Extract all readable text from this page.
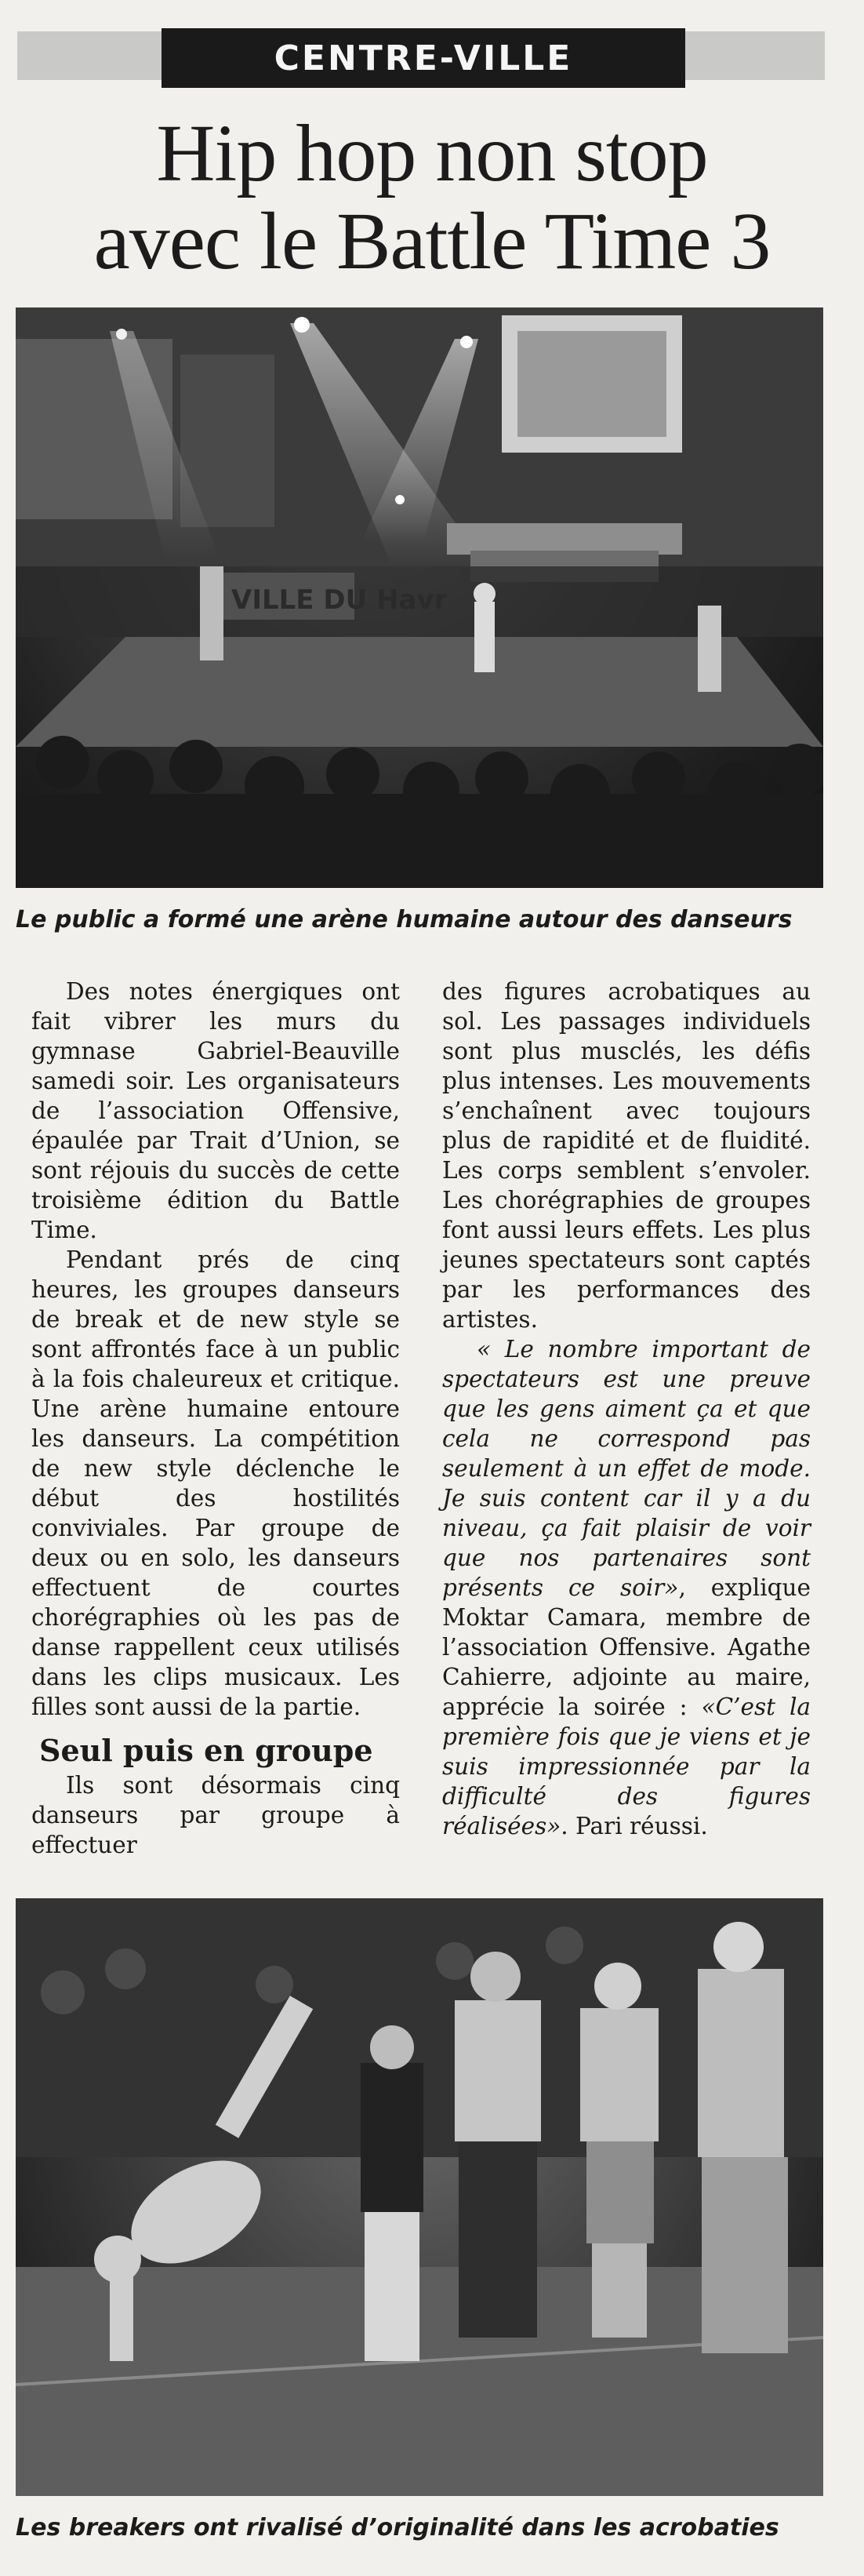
CENTRE-VILLE
Hip hop non stop
avec le Battle Time 3
Le public a formé une arène humaine autour des danseurs

Des notes énergiques ont fait vibrer les murs du gymnase Gabriel-Beauville samedi soir. Les organisateurs de l’association Offensive, épaulée par Trait d’Union, se sont réjouis du succès de cette troisième édition du Battle Time.

Pendant prés de cinq heures, les groupes danseurs de break et de new style se sont affrontés face à un public à la fois chaleureux et critique. Une arène humaine entoure les danseurs. La compétition de new style déclenche le début des hostilités conviviales. Par groupe de deux ou en solo, les danseurs effectuent de courtes chorégraphies où les pas de danse rappellent ceux utilisés dans les clips musicaux. Les filles sont aussi de la partie.

Seul puis en groupe

Ils sont désormais cinq danseurs par groupe à effectuer

des figures acrobatiques au sol. Les passages individuels sont plus musclés, les défis plus intenses. Les mouvements s’enchaînent avec toujours plus de rapidité et de fluidité. Les corps semblent s’envoler. Les chorégraphies de groupes font aussi leurs effets. Les plus jeunes spectateurs sont captés par les performances des artistes.

« Le nombre important de spectateurs est une preuve que les gens aiment ça et que cela ne correspond pas seulement à un effet de mode. Je suis content car il y a du niveau, ça fait plaisir de voir que nos partenaires sont présents ce soir», explique Moktar Camara, membre de l’association Offensive. Agathe Cahierre, adjointe au maire, apprécie la soirée : «C’est la première fois que je viens et je suis impressionnée par la difficulté des figures réalisées». Pari réussi.

Les breakers ont rivalisé d’originalité dans les acrobaties
